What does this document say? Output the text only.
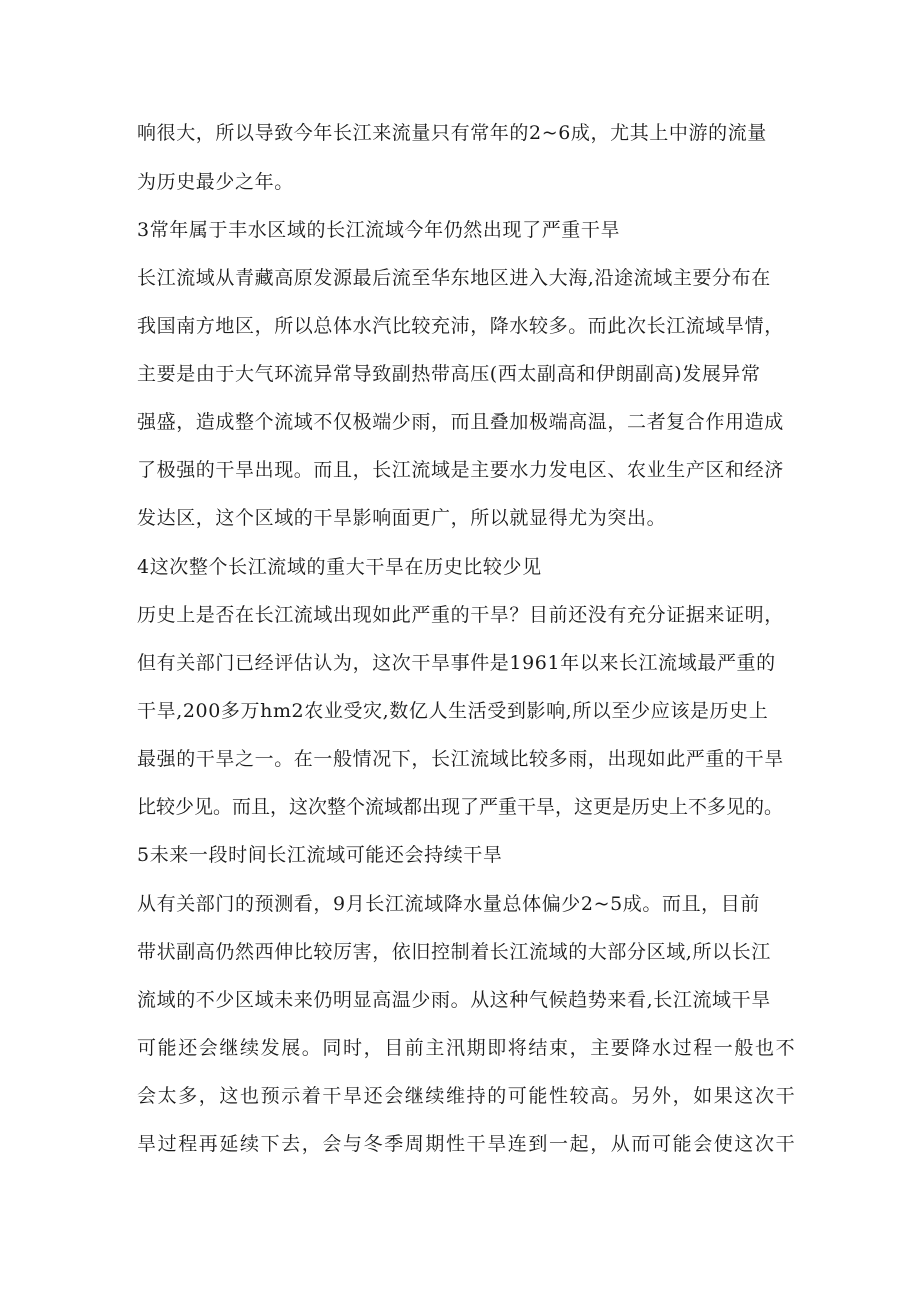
响很大，所以导致今年长江来流量只有常年的2~6成，尤其上中游的流量
为历史最少之年。
3常年属于丰水区域的长江流域今年仍然出现了严重干旱
长江流域从青藏高原发源最后流至华东地区进入大海,沿途流域主要分布在
我国南方地区，所以总体水汽比较充沛，降水较多。而此次长江流域旱情，
主要是由于大气环流异常导致副热带高压(西太副高和伊朗副高)发展异常
强盛，造成整个流域不仅极端少雨，而且叠加极端高温，二者复合作用造成
了极强的干旱出现。而且，长江流域是主要水力发电区、农业生产区和经济
发达区，这个区域的干旱影响面更广，所以就显得尤为突出。
4这次整个长江流域的重大干旱在历史比较少见
历史上是否在长江流域出现如此严重的干旱？目前还没有充分证据来证明，
但有关部门已经评估认为，这次干旱事件是1961年以来长江流域最严重的
干旱,200多万hm2农业受灾,数亿人生活受到影响,所以至少应该是历史上
最强的干旱之一。在一般情况下，长江流域比较多雨，出现如此严重的干旱
比较少见。而且，这次整个流域都出现了严重干旱，这更是历史上不多见的。
5未来一段时间长江流域可能还会持续干旱
从有关部门的预测看，9月长江流域降水量总体偏少2~5成。而且，目前
带状副高仍然西伸比较厉害，依旧控制着长江流域的大部分区域,所以长江
流域的不少区域未来仍明显高温少雨。从这种气候趋势来看,长江流域干旱
可能还会继续发展。同时，目前主汛期即将结束，主要降水过程一般也不
会太多，这也预示着干旱还会继续维持的可能性较高。另外，如果这次干
旱过程再延续下去，会与冬季周期性干旱连到一起，从而可能会使这次干
